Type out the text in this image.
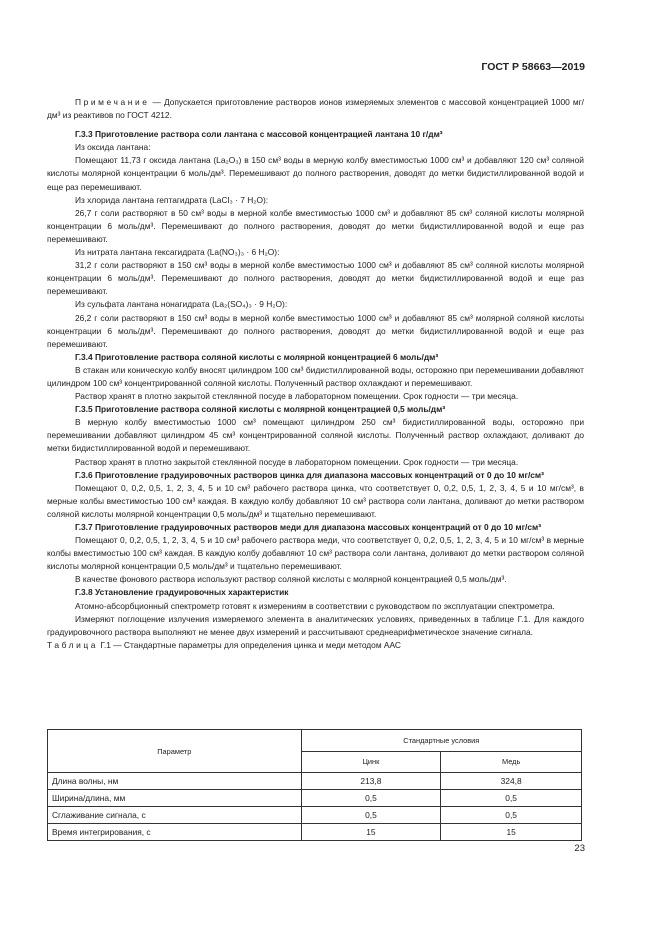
ГОСТ Р 58663—2019

Примечание — Допускается приготовление растворов ионов измеряемых элементов с массовой концентрацией 1000 мг/дм³ из реактивов по ГОСТ 4212.

Г.3.3 Приготовление раствора соли лантана с массовой концентрацией лантана 10 г/дм³

Из оксида лантана:

Помещают 11,73 г оксида лантана (La₂O₃) в 150 см³ воды в мерную колбу вместимостью 1000 см³ и добавляют 120 см³ соляной кислоты молярной концентрации 6 моль/дм³. Перемешивают до полного растворения, доводят до метки бидистиллированной водой и еще раз перемешивают.

Из хлорида лантана гептагидрата (LaCl₃ · 7 H₂O):

26,7 г соли растворяют в 50 см³ воды в мерной колбе вместимостью 1000 см³ и добавляют 85 см³ соляной кислоты молярной концентрации 6 моль/дм³. Перемешивают до полного растворения, доводят до метки бидистиллированной водой и еще раз перемешивают.

Из нитрата лантана гексагидрата (La(NO₃)₃ · 6 H₂O):

31,2 г соли растворяют в 150 см³ воды в мерной колбе вместимостью 1000 см³ и добавляют 85 см³ соляной кислоты молярной концентрации 6 моль/дм³. Перемешивают до полного растворения, доводят до метки бидистиллированной водой и еще раз перемешивают.

Из сульфата лантана нонагидрата (La₂(SO₄)₃ · 9 H₂O):

26,2 г соли растворяют в 150 см³ воды в мерной колбе вместимостью 1000 см³ и добавляют 85 см³ молярной соляной кислоты концентрации 6 моль/дм³. Перемешивают до полного растворения, доводят до метки бидистиллированной водой и еще раз перемешивают.

Г.3.4 Приготовление раствора соляной кислоты с молярной концентрацией 6 моль/дм³

В стакан или коническую колбу вносят цилиндром 100 см³ бидистиллированной воды, осторожно при перемешивании добавляют цилиндром 100 см³ концентрированной соляной кислоты. Полученный раствор охлаждают и перемешивают.

Раствор хранят в плотно закрытой стеклянной посуде в лабораторном помещении. Срок годности — три месяца.

Г.3.5 Приготовление раствора соляной кислоты с молярной концентрацией 0,5 моль/дм³

В мерную колбу вместимостью 1000 см³ помещают цилиндром 250 см³ бидистиллированной воды, осторожно при перемешивании добавляют цилиндром 45 см³ концентрированной соляной кислоты. Полученный раствор охлаждают, доливают до метки бидистиллированной водой и перемешивают.

Раствор хранят в плотно закрытой стеклянной посуде в лабораторном помещении. Срок годности — три месяца.

Г.3.6 Приготовление градуировочных растворов цинка для диапазона массовых концентраций от 0 до 10 мг/см³

Помещают 0, 0,2, 0,5, 1, 2, 3, 4, 5 и 10 см³ рабочего раствора цинка, что соответствует 0, 0,2, 0,5, 1, 2, 3, 4, 5 и 10 мг/см³, в мерные колбы вместимостью 100 см³ каждая. В каждую колбу добавляют 10 см³ раствора соли лантана, доливают до метки раствором соляной кислоты молярной концентрации 0,5 моль/дм³ и тщательно перемешивают.

Г.3.7 Приготовление градуировочных растворов меди для диапазона массовых концентраций от 0 до 10 мг/см³

Помещают 0, 0,2, 0,5, 1, 2, 3, 4, 5 и 10 см³ рабочего раствора меди, что соответствует 0, 0,2, 0,5, 1, 2, 3, 4, 5 и 10 мг/см³ в мерные колбы вместимостью 100 см³ каждая. В каждую колбу добавляют 10 см³ раствора соли лантана, доливают до метки раствором соляной кислоты молярной концентрации 0,5 моль/дм³ и тщательно перемешивают.

В качестве фонового раствора используют раствор соляной кислоты с молярной концентрацией 0,5 моль/дм³.

Г.3.8 Установление градуировочных характеристик

Атомно-абсорбционный спектрометр готовят к измерениям в соответствии с руководством по эксплуатации спектрометра.

Измеряют поглощение излучения измеряемого элемента в аналитических условиях, приведенных в таблице Г.1. Для каждого градуировочного раствора выполняют не менее двух измерений и рассчитывают среднеарифметическое значение сигнала.

Таблица Г.1 — Стандартные параметры для определения цинка и меди методом ААС

Параметр	Стандартные условия	
	Цинк	Медь
Длина волны, нм	213,8	324,8
Ширина/длина, мм	0,5	0,5
Сглаживание сигнала, с	0,5	0,5
Время интегрирования, с	15	15
23
